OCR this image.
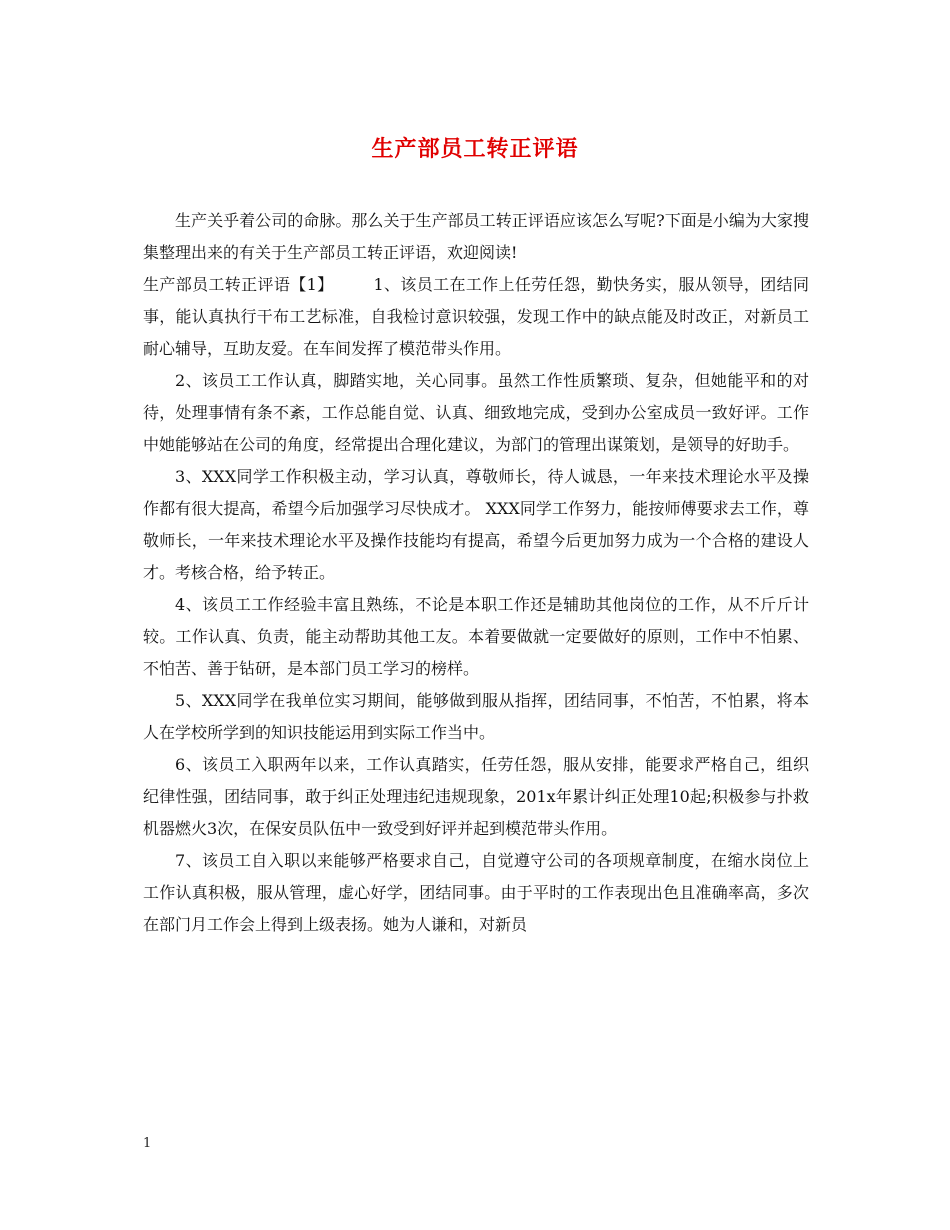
生产部员工转正评语

生产关乎着公司的命脉。那么关于生产部员工转正评语应该怎么写呢?下面是小编为大家搜集整理出来的有关于生产部员工转正评语，欢迎阅读!

生产部员工转正评语【1】	1、该员工在工作上任劳任怨，勤快务实，服从领导，团结同事，能认真执行干布工艺标准，自我检讨意识较强，发现工作中的缺点能及时改正，对新员工耐心辅导，互助友爱。在车间发挥了模范带头作用。

2、该员工工作认真，脚踏实地，关心同事。虽然工作性质繁琐、复杂，但她能平和的对待，处理事情有条不紊，工作总能自觉、认真、细致地完成，受到办公室成员一致好评。工作中她能够站在公司的角度，经常提出合理化建议，为部门的管理出谋策划，是领导的好助手。

3、XXX同学工作积极主动，学习认真，尊敬师长，待人诚恳，一年来技术理论水平及操作都有很大提高，希望今后加强学习尽快成才。 XXX同学工作努力，能按师傅要求去工作，尊敬师长，一年来技术理论水平及操作技能均有提高，希望今后更加努力成为一个合格的建设人才。考核合格，给予转正。

4、该员工工作经验丰富且熟练，不论是本职工作还是辅助其他岗位的工作，从不斤斤计较。工作认真、负责，能主动帮助其他工友。本着要做就一定要做好的原则，工作中不怕累、不怕苦、善于钻研，是本部门员工学习的榜样。

5、XXX同学在我单位实习期间，能够做到服从指挥，团结同事，不怕苦，不怕累，将本人在学校所学到的知识技能运用到实际工作当中。

6、该员工入职两年以来，工作认真踏实，任劳任怨，服从安排，能要求严格自己，组织纪律性强，团结同事，敢于纠正处理违纪违规现象，201x年累计纠正处理10起;积极参与扑救机器燃火3次，在保安员队伍中一致受到好评并起到模范带头作用。

7、该员工自入职以来能够严格要求自己，自觉遵守公司的各项规章制度，在缩水岗位上工作认真积极，服从管理，虚心好学，团结同事。由于平时的工作表现出色且准确率高，多次在部门月工作会上得到上级表扬。她为人谦和，对新员

1
